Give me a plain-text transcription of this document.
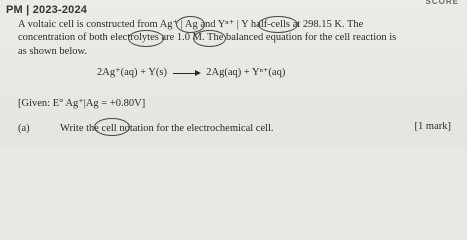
PM | 2023-2024
SCORE
A voltaic cell is constructed from Ag⁺ | Ag and Yⁿ⁺ | Y half-cells at 298.15 K. The
concentration of both electrolytes are 1.0 M. The balanced equation for the cell reaction is
as shown below.
2Ag⁺(aq) + Y(s)	2Ag(aq) + Yⁿ⁺(aq)
[Given: E° Ag⁺|Ag = +0.80V]
(a)	Write the cell notation for the electrochemical cell.	[1 mark]
